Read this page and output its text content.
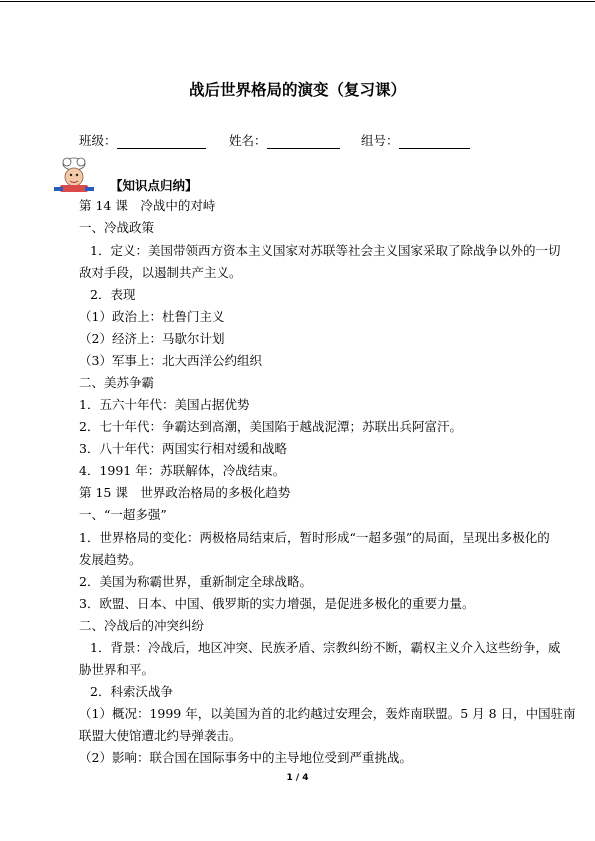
战后世界格局的演变（复习课）
班级：	姓名：	组号：
【知识点归纳】
第 14 课　冷战中的对峙
一、冷战政策
1．定义：美国带领西方资本主义国家对苏联等社会主义国家采取了除战争以外的一切
敌对手段，以遏制共产主义。
2．表现
（1）政治上：杜鲁门主义
（2）经济上：马歇尔计划
（3）军事上：北大西洋公约组织
二、美苏争霸
1．五六十年代：美国占据优势
2．七十年代：争霸达到高潮，美国陷于越战泥潭；苏联出兵阿富汗。
3．八十年代：两国实行相对缓和战略
4．1991 年：苏联解体，冷战结束。
第 15 课　世界政治格局的多极化趋势
一、“一超多强”
1．世界格局的变化：两极格局结束后，暂时形成“一超多强”的局面，呈现出多极化的
发展趋势。
2．美国为称霸世界，重新制定全球战略。
3．欧盟、日本、中国、俄罗斯的实力增强，是促进多极化的重要力量。
二、冷战后的冲突纠纷
1．背景：冷战后，地区冲突、民族矛盾、宗教纠纷不断，霸权主义介入这些纷争，威
胁世界和平。
2．科索沃战争
（1）概况：1999 年，以美国为首的北约越过安理会，轰炸南联盟。5 月 8 日，中国驻南
联盟大使馆遭北约导弹袭击。
（2）影响：联合国在国际事务中的主导地位受到严重挑战。
1 / 4
